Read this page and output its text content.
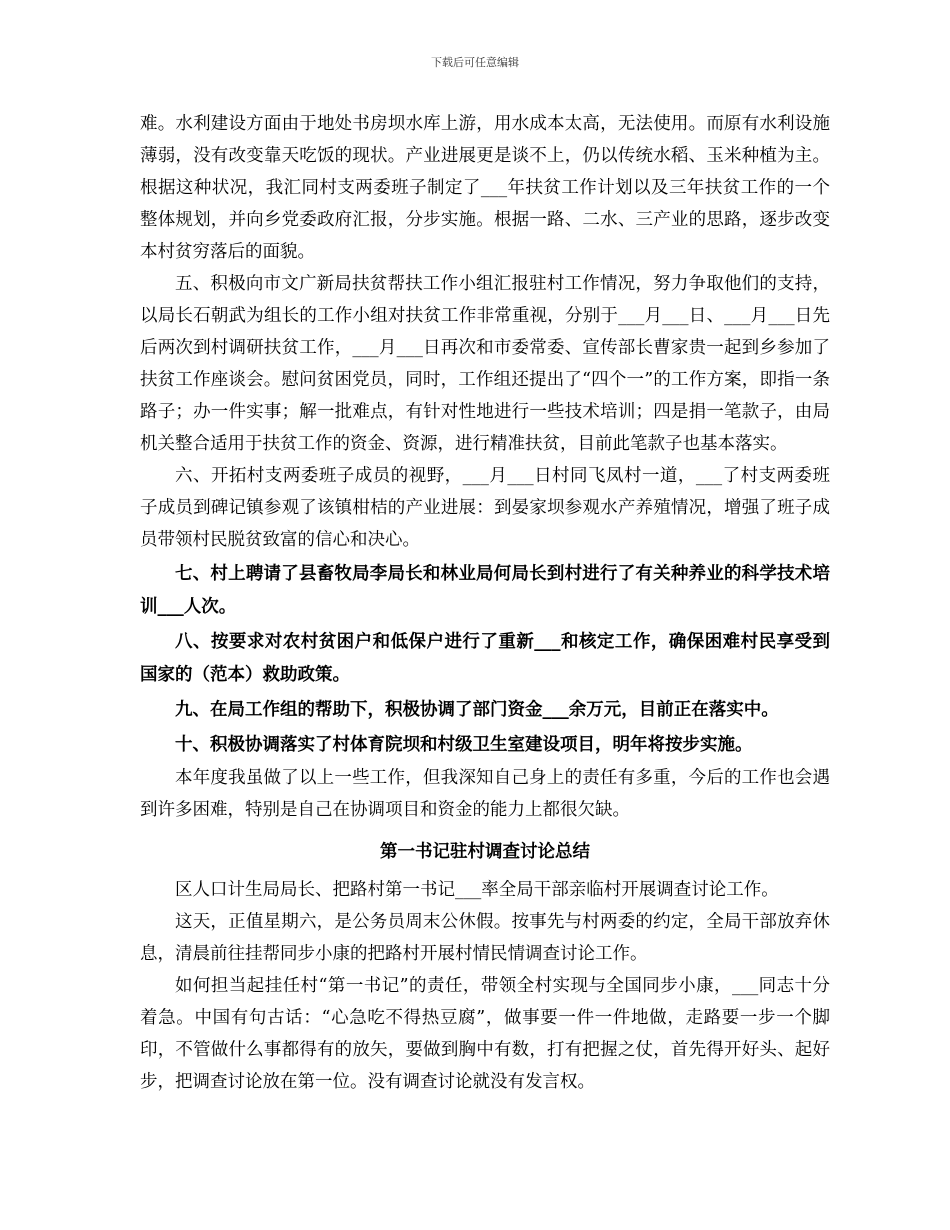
下载后可任意编辑

难。水利建设方面由于地处书房坝水库上游，用水成本太高，无法使用。而原有水利设施薄弱，没有改变靠天吃饭的现状。产业进展更是谈不上，仍以传统水稻、玉米种植为主。根据这种状况，我汇同村支两委班子制定了___年扶贫工作计划以及三年扶贫工作的一个整体规划，并向乡党委政府汇报，分步实施。根据一路、二水、三产业的思路，逐步改变本村贫穷落后的面貌。

五、积极向市文广新局扶贫帮扶工作小组汇报驻村工作情况，努力争取他们的支持，以局长石朝武为组长的工作小组对扶贫工作非常重视，分别于___月___日、___月___日先后两次到村调研扶贫工作，___月___日再次和市委常委、宣传部长曹家贵一起到乡参加了扶贫工作座谈会。慰问贫困党员，同时，工作组还提出了“四个一”的工作方案，即指一条路子；办一件实事；解一批难点，有针对性地进行一些技术培训；四是捐一笔款子，由局机关整合适用于扶贫工作的资金、资源，进行精准扶贫，目前此笔款子也基本落实。

六、开拓村支两委班子成员的视野，___月___日村同飞凤村一道，___了村支两委班子成员到碑记镇参观了该镇柑桔的产业进展：到晏家坝参观水产养殖情况，增强了班子成员带领村民脱贫致富的信心和决心。

七、村上聘请了县畜牧局李局长和林业局何局长到村进行了有关种养业的科学技术培训___人次。

八、按要求对农村贫困户和低保户进行了重新___和核定工作，确保困难村民享受到国家的（范本）救助政策。

九、在局工作组的帮助下，积极协调了部门资金___余万元，目前正在落实中。

十、积极协调落实了村体育院坝和村级卫生室建设项目，明年将按步实施。

本年度我虽做了以上一些工作，但我深知自己身上的责任有多重，今后的工作也会遇到许多困难，特别是自己在协调项目和资金的能力上都很欠缺。

第一书记驻村调查讨论总结

区人口计生局局长、把路村第一书记___率全局干部亲临村开展调查讨论工作。

这天，正值星期六，是公务员周末公休假。按事先与村两委的约定，全局干部放弃休息，清晨前往挂帮同步小康的把路村开展村情民情调查讨论工作。

如何担当起挂任村“第一书记”的责任，带领全村实现与全国同步小康，___同志十分着急。中国有句古话：“心急吃不得热豆腐”，做事要一件一件地做，走路要一步一个脚印，不管做什么事都得有的放矢，要做到胸中有数，打有把握之仗，首先得开好头、起好步，把调查讨论放在第一位。没有调查讨论就没有发言权。
